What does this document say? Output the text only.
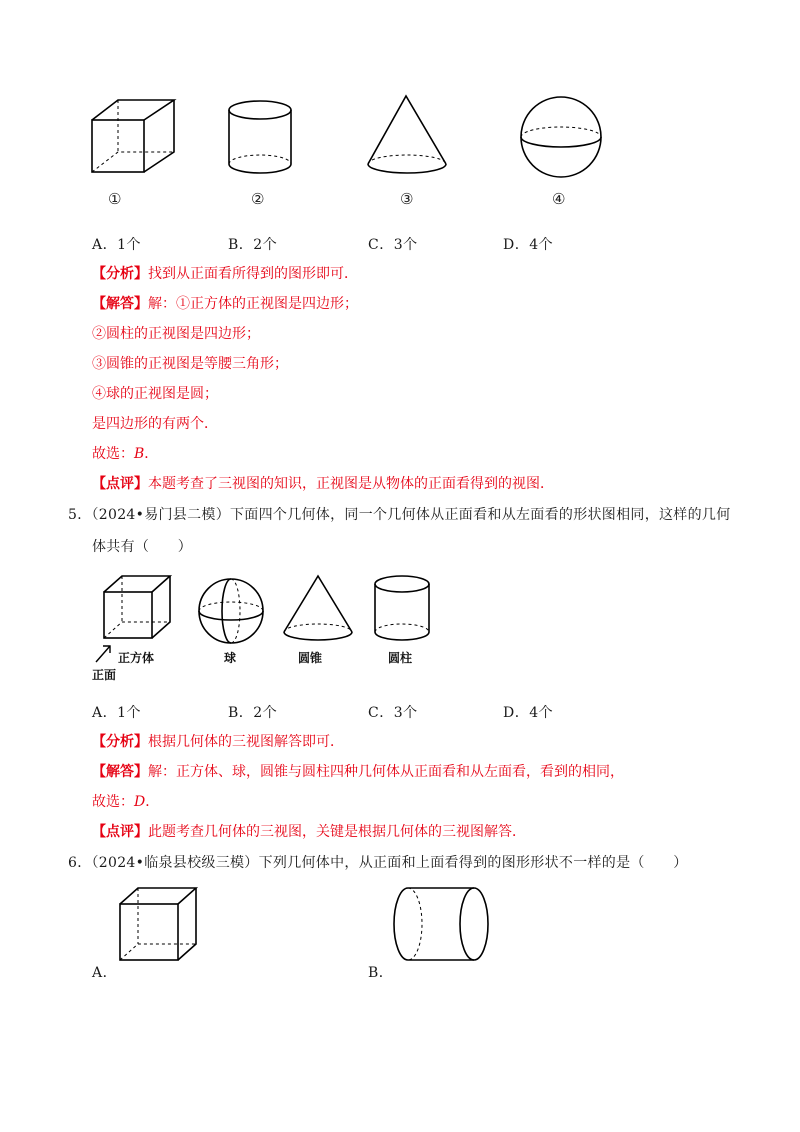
①	②	③	④
A．1个	B．2个	C．3个	D．4个
【分析】找到从正面看所得到的图形即可．
【解答】解：①正方体的正视图是四边形；
②圆柱的正视图是四边形；
③圆锥的正视图是等腰三角形；
④球的正视图是圆；
是四边形的有两个．
故选：B．
【点评】本题考查了三视图的知识，正视图是从物体的正面看得到的视图．
5．（2024•易门县二模）下面四个几何体，同一个几何体从正面看和从左面看的形状图相同，这样的几何
体共有（　　）
正方体
正面
球	圆锥	圆柱
A．1个	B．2个	C．3个	D．4个
【分析】根据几何体的三视图解答即可．
【解答】解：正方体、球，圆锥与圆柱四种几何体从正面看和从左面看，看到的相同，
故选：D．
【点评】此题考查几何体的三视图，关键是根据几何体的三视图解答．
6．（2024•临泉县校级三模）下列几何体中，从正面和上面看得到的图形形状不一样的是（　　）
A．	B．
